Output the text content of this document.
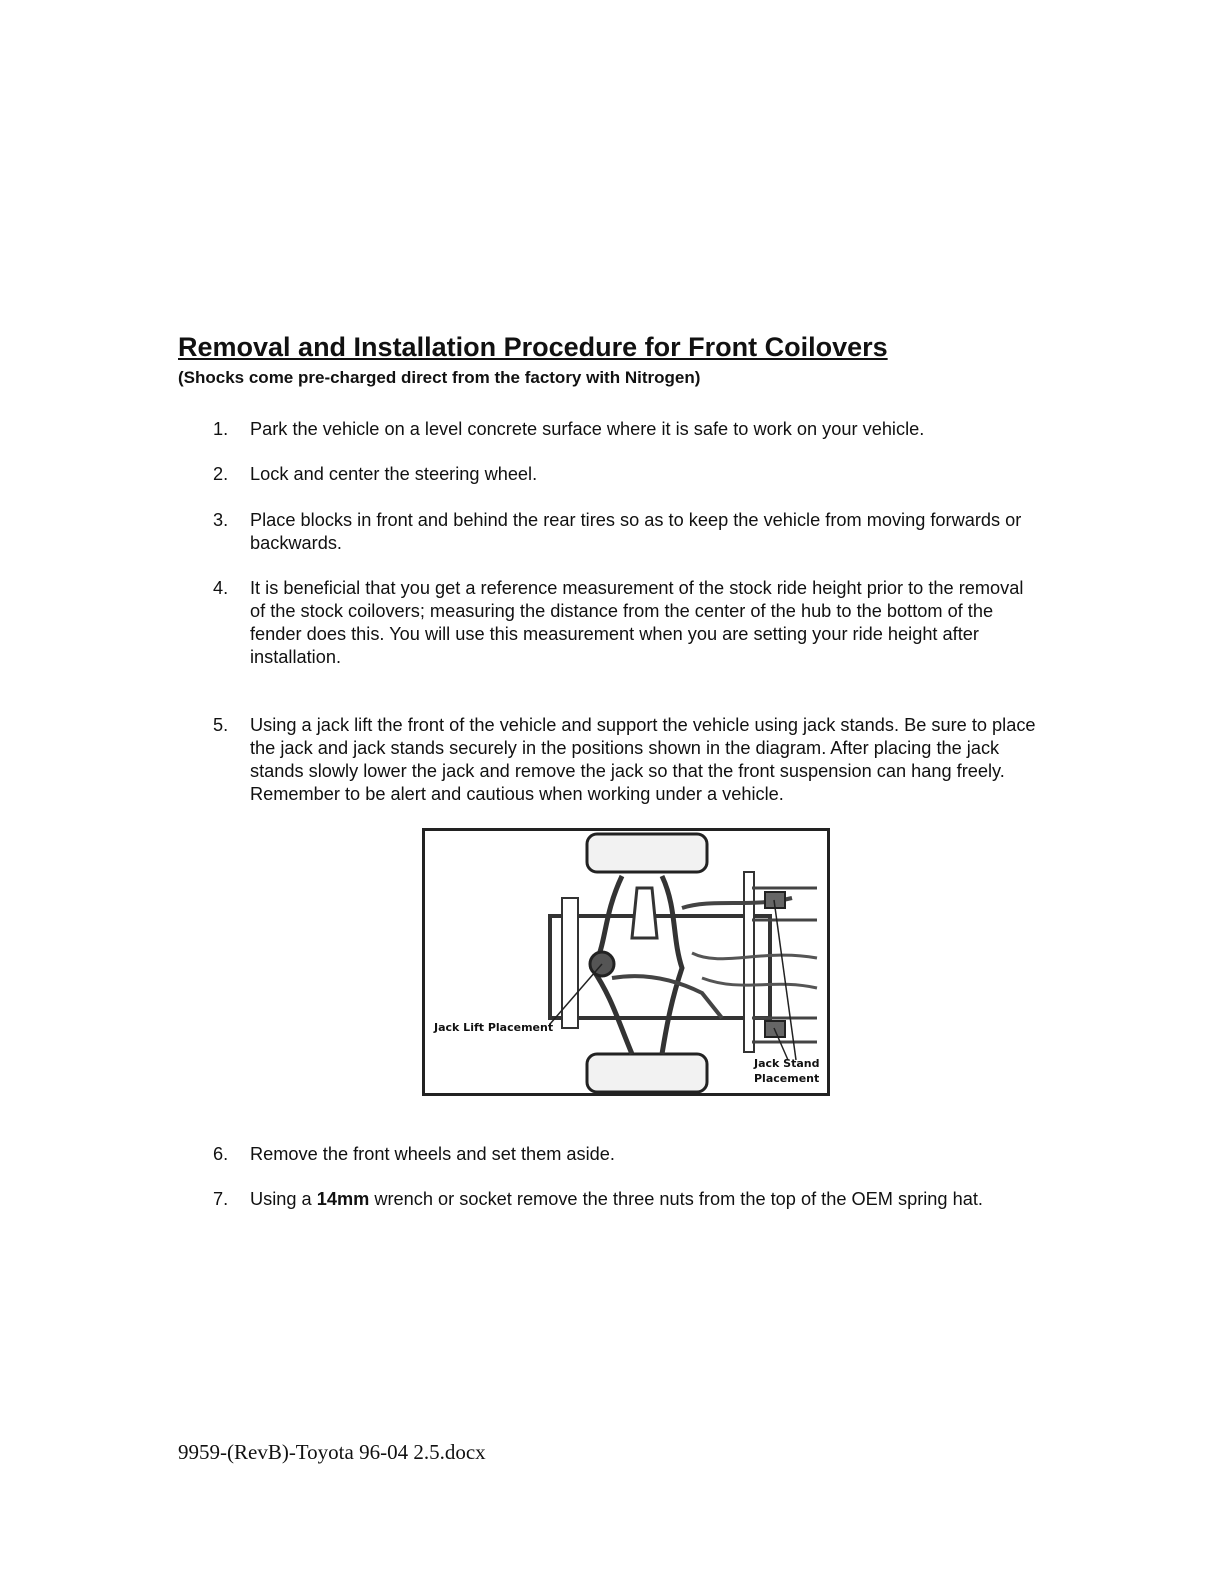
Removal and Installation Procedure for Front Coilovers
(Shocks come pre-charged direct from the factory with Nitrogen)
1.	Park the vehicle on a level concrete surface where it is safe to work on your vehicle.
2.	Lock and center the steering wheel.
3.	Place blocks in front and behind the rear tires so as to keep the vehicle from moving forwards or backwards.
4.	It is beneficial that you get a reference measurement of the stock ride height prior to the removal of the stock coilovers; measuring the distance from the center of the hub to the bottom of the fender does this. You will use this measurement when you are setting your ride height after installation.
5.	Using a jack lift the front of the vehicle and support the vehicle using jack stands. Be sure to place the jack and jack stands securely in the positions shown in the diagram. After placing the jack stands slowly lower the jack and remove the jack so that the front suspension can hang freely. Remember to be alert and cautious when working under a vehicle.
Jack Lift Placement
Jack Stand
Placement
6.	Remove the front wheels and set them aside.
7.	Using a 14mm wrench or socket remove the three nuts from the top of the OEM spring hat.
9959-(RevB)-Toyota 96-04 2.5.docx
